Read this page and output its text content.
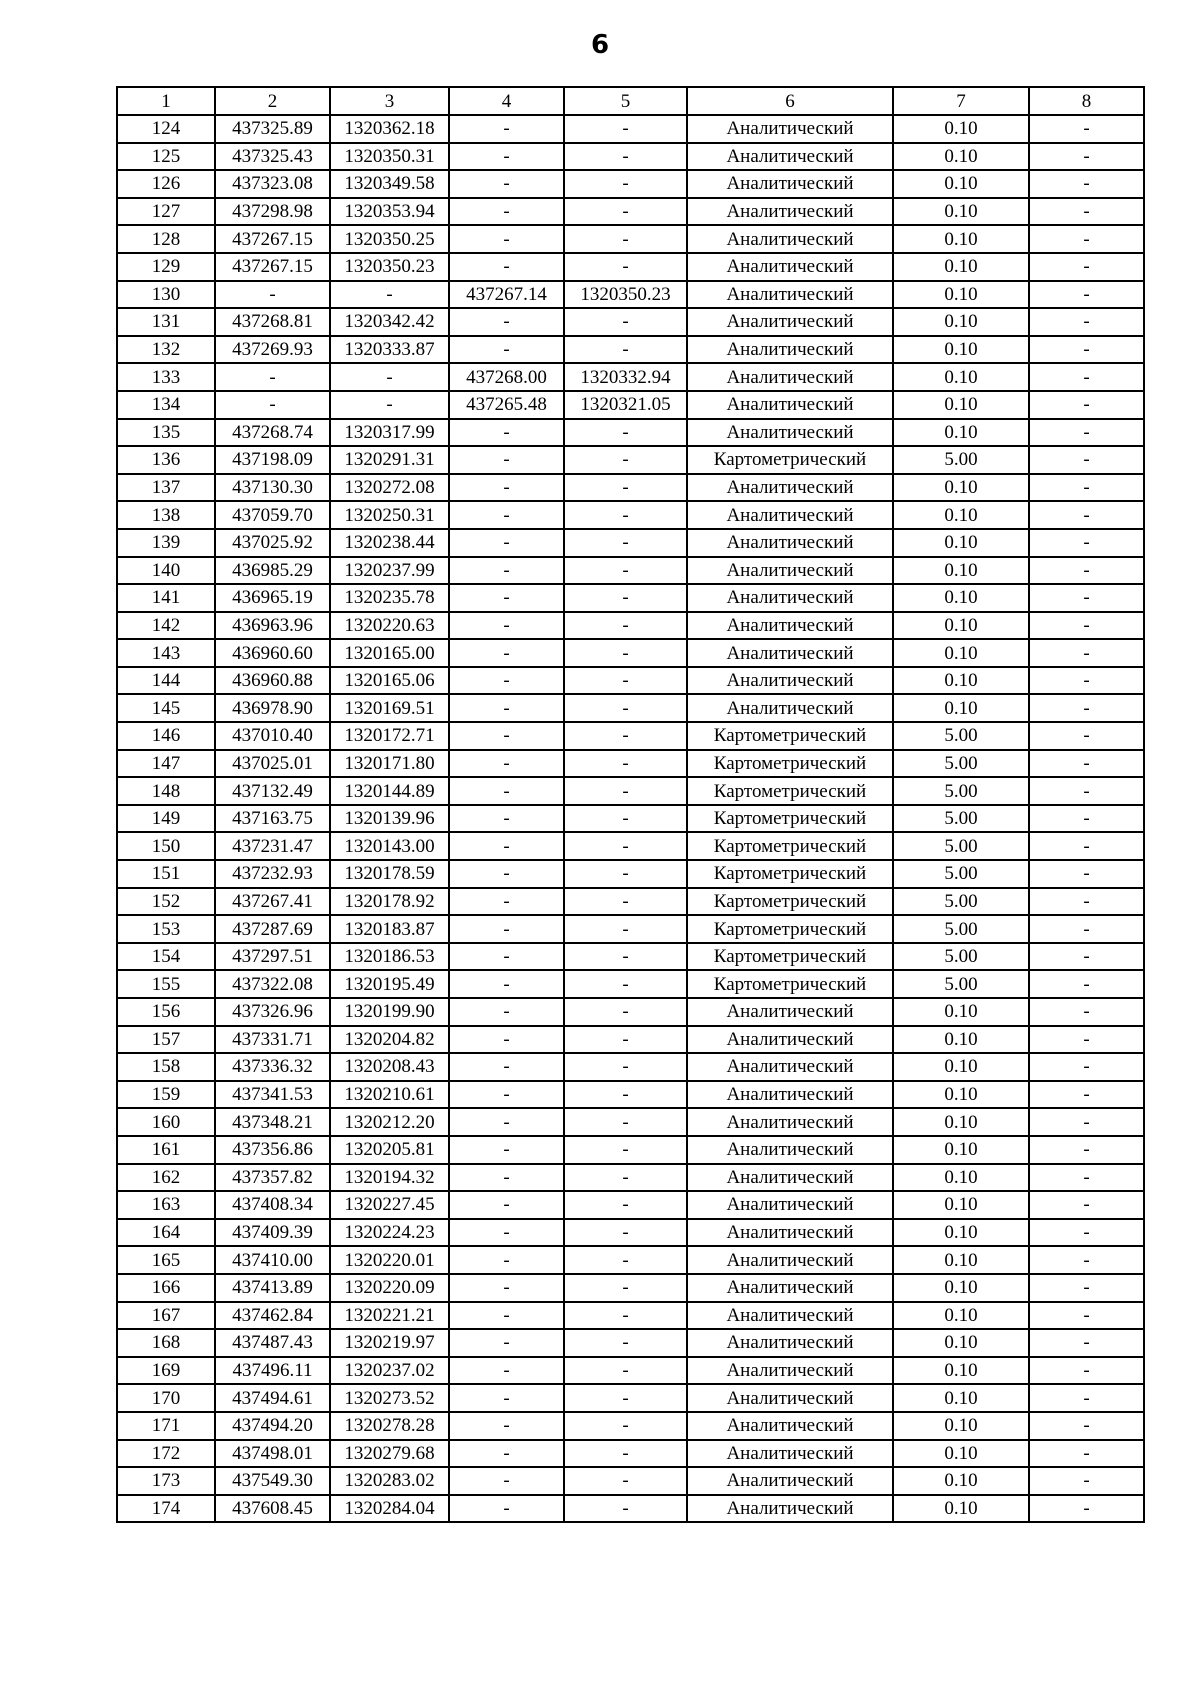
6
1	2	3	4	5	6	7	8
124	437325.89	1320362.18	-	-	Аналитический	0.10	-
125	437325.43	1320350.31	-	-	Аналитический	0.10	-
126	437323.08	1320349.58	-	-	Аналитический	0.10	-
127	437298.98	1320353.94	-	-	Аналитический	0.10	-
128	437267.15	1320350.25	-	-	Аналитический	0.10	-
129	437267.15	1320350.23	-	-	Аналитический	0.10	-
130	-	-	437267.14	1320350.23	Аналитический	0.10	-
131	437268.81	1320342.42	-	-	Аналитический	0.10	-
132	437269.93	1320333.87	-	-	Аналитический	0.10	-
133	-	-	437268.00	1320332.94	Аналитический	0.10	-
134	-	-	437265.48	1320321.05	Аналитический	0.10	-
135	437268.74	1320317.99	-	-	Аналитический	0.10	-
136	437198.09	1320291.31	-	-	Картометрический	5.00	-
137	437130.30	1320272.08	-	-	Аналитический	0.10	-
138	437059.70	1320250.31	-	-	Аналитический	0.10	-
139	437025.92	1320238.44	-	-	Аналитический	0.10	-
140	436985.29	1320237.99	-	-	Аналитический	0.10	-
141	436965.19	1320235.78	-	-	Аналитический	0.10	-
142	436963.96	1320220.63	-	-	Аналитический	0.10	-
143	436960.60	1320165.00	-	-	Аналитический	0.10	-
144	436960.88	1320165.06	-	-	Аналитический	0.10	-
145	436978.90	1320169.51	-	-	Аналитический	0.10	-
146	437010.40	1320172.71	-	-	Картометрический	5.00	-
147	437025.01	1320171.80	-	-	Картометрический	5.00	-
148	437132.49	1320144.89	-	-	Картометрический	5.00	-
149	437163.75	1320139.96	-	-	Картометрический	5.00	-
150	437231.47	1320143.00	-	-	Картометрический	5.00	-
151	437232.93	1320178.59	-	-	Картометрический	5.00	-
152	437267.41	1320178.92	-	-	Картометрический	5.00	-
153	437287.69	1320183.87	-	-	Картометрический	5.00	-
154	437297.51	1320186.53	-	-	Картометрический	5.00	-
155	437322.08	1320195.49	-	-	Картометрический	5.00	-
156	437326.96	1320199.90	-	-	Аналитический	0.10	-
157	437331.71	1320204.82	-	-	Аналитический	0.10	-
158	437336.32	1320208.43	-	-	Аналитический	0.10	-
159	437341.53	1320210.61	-	-	Аналитический	0.10	-
160	437348.21	1320212.20	-	-	Аналитический	0.10	-
161	437356.86	1320205.81	-	-	Аналитический	0.10	-
162	437357.82	1320194.32	-	-	Аналитический	0.10	-
163	437408.34	1320227.45	-	-	Аналитический	0.10	-
164	437409.39	1320224.23	-	-	Аналитический	0.10	-
165	437410.00	1320220.01	-	-	Аналитический	0.10	-
166	437413.89	1320220.09	-	-	Аналитический	0.10	-
167	437462.84	1320221.21	-	-	Аналитический	0.10	-
168	437487.43	1320219.97	-	-	Аналитический	0.10	-
169	437496.11	1320237.02	-	-	Аналитический	0.10	-
170	437494.61	1320273.52	-	-	Аналитический	0.10	-
171	437494.20	1320278.28	-	-	Аналитический	0.10	-
172	437498.01	1320279.68	-	-	Аналитический	0.10	-
173	437549.30	1320283.02	-	-	Аналитический	0.10	-
174	437608.45	1320284.04	-	-	Аналитический	0.10	-
